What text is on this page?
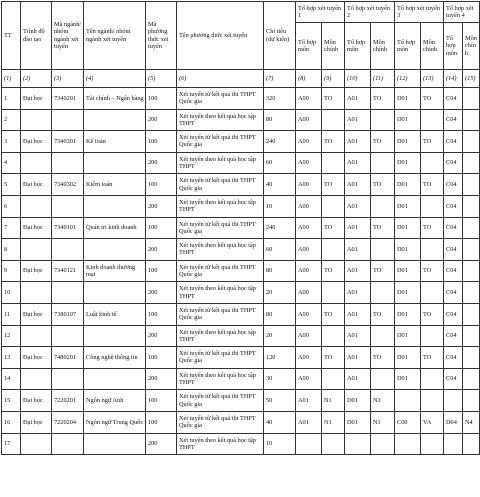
TT	Trình độ đào tạo	Mã ngành/ nhóm ngành xét tuyển	Tên ngành/ nhóm ngành xét tuyển	Mã phương thức xét tuyển	Tên phương thức xét tuyển	Chỉ tiêu (dự kiến)	Tổ hợp xét tuyển 1		Tổ hợp xét tuyển 2		Tổ hợp xét tuyển 3		Tổ hợp xét tuyển 4	
							Tổ hợp môn	Môn chính	Tổ hợp môn	Môn chính	Tổ hợp môn	Môn chính	Tổ hợp môn	Môn chính
(1)	(2)	(3)	(4)	(5)	(6)	(7)	(8)	(9)	(10)	(11)	(12)	(13)	(14)	(15)
1	Đại học	7340201	Tài chính – Ngân hàng	100	Xét tuyển từ kết quả thi THPT Quốc gia	320	A00	TO	A01	TO	D01	TO	C04	
2				200	Xét tuyển theo kết quả học tập THPT	80	A00		A01		D01		C04	
3	Đại học	7340301	Kế toán	100	Xét tuyển từ kết quả thi THPT Quốc gia	240	A00	TO	A01	TO	D01	TO	C04	
4				200	Xét tuyển theo kết quả học tập THPT	60	A00		A01		D01		C04	
5	Đại học	7340302	Kiểm toán	100	Xét tuyển từ kết quả thi THPT Quốc gia	40	A00	TO	A01	TO	D01	TO	C04	
6				200	Xét tuyển theo kết quả học tập THPT	10	A00		A01		D01		C04	
7	Đại học	7340101	Quản trị kinh doanh	100	Xét tuyển từ kết quả thi THPT Quốc gia	240	A00	TO	A01	TO	D01	TO	C04	
8				200	Xét tuyển theo kết quả học tập THPT	60	A00		A01		D01		C04	
9	Đại học	7340121	Kinh doanh thương mại	100	Xét tuyển từ kết quả thi THPT Quốc gia	80	A00	TO	A01	TO	D01	TO	C04	
10				200	Xét tuyển theo kết quả học tập THPT	20	A00		A01		D01		C04	
11	Đại học	7380107	Luật kinh tế	100	Xét tuyển từ kết quả thi THPT Quốc gia	80	A00	TO	A01	TO	D01	TO	C04	
12				200	Xét tuyển theo kết quả học tập THPT	20	A00		A01		D01		C04	
13	Đại học	7480201	Công nghệ thông tin	100	Xét tuyển từ kết quả thi THPT Quốc gia	120	A00	TO	A01	TO	D01	TO	C04	
14				200	Xét tuyển theo kết quả học tập THPT	30	A00		A01		D01		C04	
15	Đại học	7220201	Ngôn ngữ Anh	100	Xét tuyển từ kết quả thi THPT Quốc gia	50	A01	N1	D01	N1				
16	Đại học	7220204	Ngôn ngữ Trung Quốc	100	Xét tuyển từ kết quả thi THPT Quốc gia	40	A01	N1	D01	N1	C00	VA	D04	N4
17				200	Xét tuyển theo kết quả học tập THPT	10								
